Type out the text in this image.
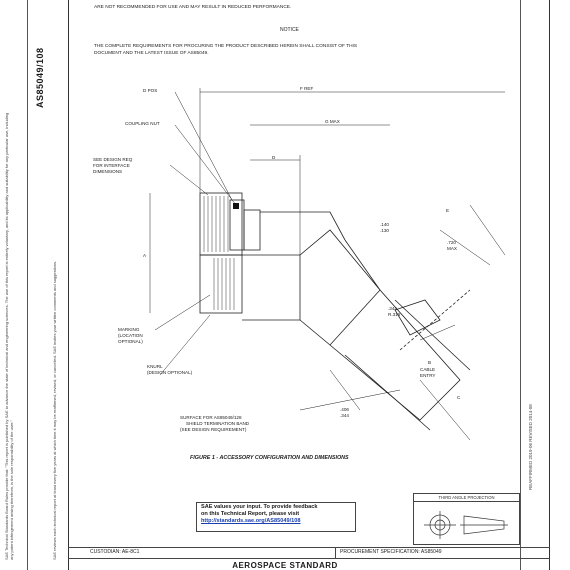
AS85049/108
SAE Technical Standards Board Rules provide that: "This report is published by SAE to advance the state of technical and engineering sciences. The use of this report is entirely voluntary, and its applicability and suitability for any particular use, including any patent infringement arising therefrom, is the sole responsibility of the user."	SAE reviews each technical report at least every five years at which time it may be reaffirmed, revised, or cancelled. SAE invites your written comments and suggestions.	REAFFIRMED 2019-06 REVISED 2014-08
ARE NOT RECOMMENDED FOR USE AND MAY RESULT IN REDUCED PERFORMANCE.
NOTICE
THE COMPLETE REQUIREMENTS FOR PROCURING THE PRODUCT DESCRIBED HEREIN SHALL CONSIST OF THIS
DOCUMENT AND THE LATEST ISSUE OF AS85049.
D POS	F REF
COUPLING NUT	G MAX
SEE DESIGN REQ
FOR INTERFACE
DIMENSIONS
D
E
.140
.130
.720
MAX
A
.344
R.316
MARKING
(LOCATION
OPTIONAL)
KNURL
(DESIGN OPTIONAL)
B
CABLE
ENTRY
C
.406
.344
SURFACE FOR AS85049/128
SHIELD TERMINATION BAND
(SEE DESIGN REQUIREMENT)
FIGURE 1 - ACCESSORY CONFIGURATION AND DIMENSIONS
SAE values your input. To provide feedback
on this Technical Report, please visit
http://standards.sae.org/AS85049/108
THIRD ANGLE PROJECTION
CUSTODIAN: AE-8C1	PROCUREMENT SPECIFICATION: AS85049
AEROSPACE STANDARD
